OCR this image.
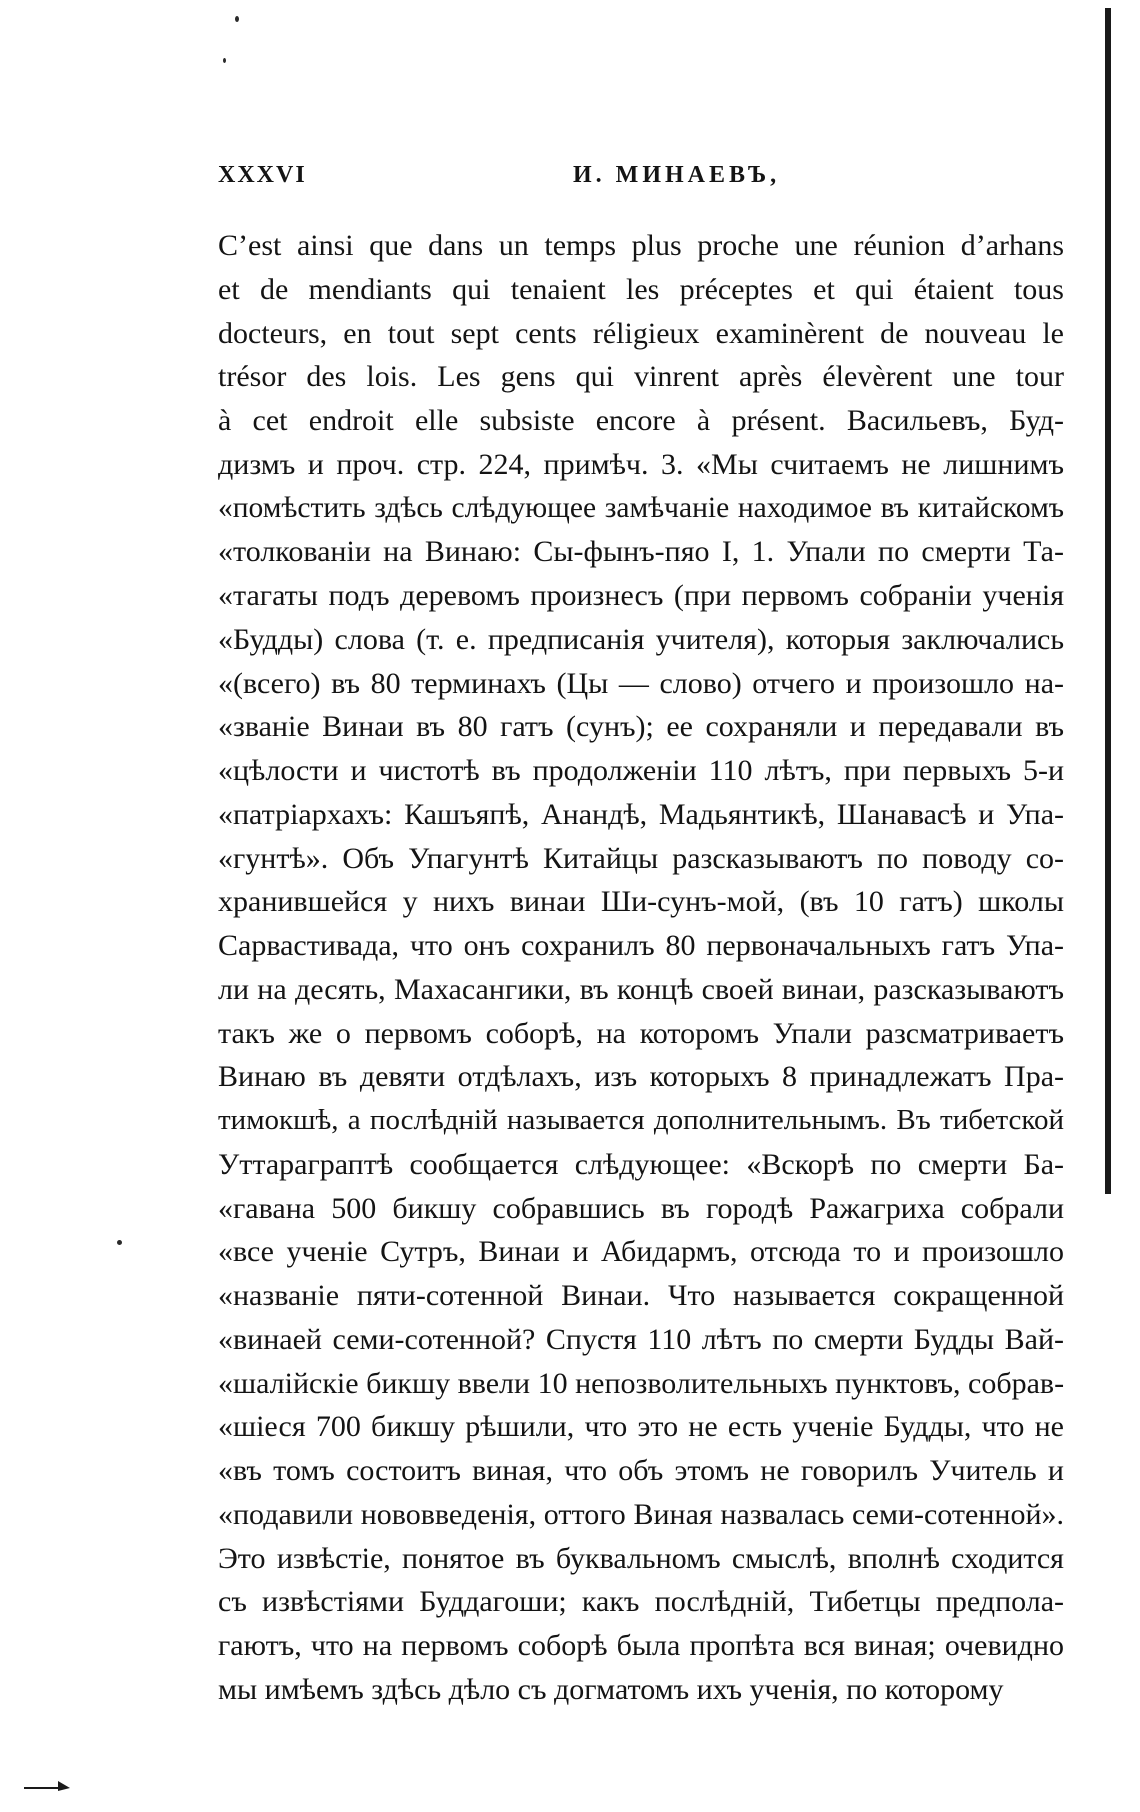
XXXVI	И. МИНАЕВЪ,
C’est ainsi que dans un temps plus proche une réunion d’arhans
et de mendiants qui tenaient les préceptes et qui étaient tous
docteurs, en tout sept cents réligieux examinèrent de nouveau le
trésor des lois. Les gens qui vinrent après élevèrent une tour
à cet endroit elle subsiste encore à présent. Васильевъ, Буд-
дизмъ и проч. стр. 224, примѣч. 3. «Мы считаемъ не лишнимъ
«помѣстить здѣсь слѣдующее замѣчаніе находимое въ китайскомъ
«толкованіи на Винаю: Сы-фынъ-пяо I, 1. Упали по смерти Та-
«тагаты подъ деревомъ произнесъ (при первомъ собраніи ученія
«Будды) слова (т. е. предписанія учителя), которыя заключались
«(всего) въ 80 терминахъ (Цы — слово) отчего и произошло на-
«званіе Винаи въ 80 гатъ (сунъ); ее сохраняли и передавали въ
«цѣлости и чистотѣ въ продолженіи 110 лѣтъ, при первыхъ 5-и
«патріархахъ: Кашъяпѣ, Анандѣ, Мадьянтикѣ, Шанавасѣ и Упа-
«гунтѣ». Объ Упагунтѣ Китайцы разсказываютъ по поводу со-
хранившейся у нихъ винаи Ши-сунъ-мой, (въ 10 гатъ) школы
Сарвастивада, что онъ сохранилъ 80 первоначальныхъ гатъ Упа-
ли на десять, Махасангики, въ концѣ своей винаи, разсказываютъ
такъ же о первомъ соборѣ, на которомъ Упали разсматриваетъ
Винаю въ девяти отдѣлахъ, изъ которыхъ 8 принадлежатъ Пра-
тимокшѣ, а послѣдній называется дополнительнымъ. Въ тибетской
Уттараграптѣ сообщается слѣдующее: «Вскорѣ по смерти Ба-
«гавана 500 бикшу собравшись въ городѣ Ражагриха собрали
«все ученіе Сутръ, Винаи и Абидармъ, отсюда то и произошло
«названіе пяти-сотенной Винаи. Что называется сокращенной
«винаей семи-сотенной? Спустя 110 лѣтъ по смерти Будды Вай-
«шалійскіе бикшу ввели 10 непозволительныхъ пунктовъ, собрав-
«шіеся 700 бикшу рѣшили, что это не есть ученіе Будды, что не
«въ томъ состоитъ виная, что объ этомъ не говорилъ Учитель и
«подавили нововведенія, оттого Виная назвалась семи-сотенной».
Это извѣстіе, понятое въ буквальномъ смыслѣ, вполнѣ сходится
съ извѣстіями Буддагоши; какъ послѣдній, Тибетцы предпола-
гаютъ, что на первомъ соборѣ была пропѣта вся виная; очевидно
мы имѣемъ здѣсь дѣло съ догматомъ ихъ ученія, по которому
